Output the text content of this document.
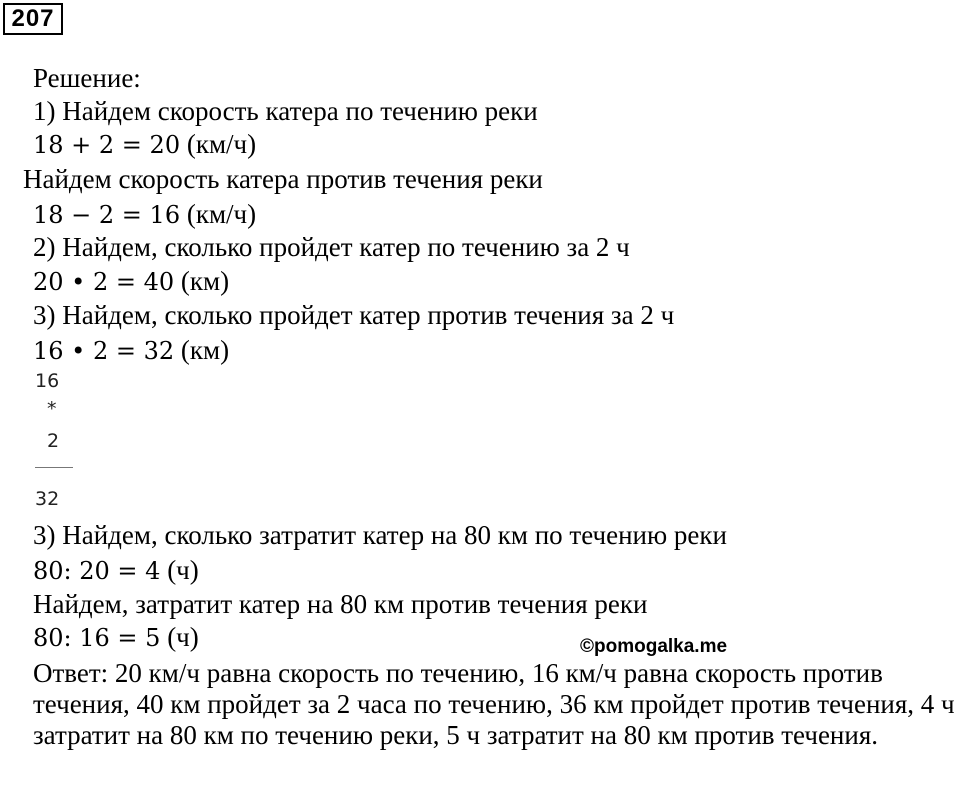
207
Решение:
1) Найдем скорость катера по течению реки
18 + 2 = 20 (км/ч)
Найдем скорость катера против течения реки
18 − 2 = 16 (км/ч)
2) Найдем, сколько пройдет катер по течению за 2 ч
20 • 2 = 40 (км)
3) Найдем, сколько пройдет катер против течения за 2 ч
16 • 2 = 32 (км)
16
*
2
32
3) Найдем, сколько затратит катер на 80 км по течению реки
80: 20 = 4 (ч)
Найдем, затратит катер на 80 км против течения реки
80: 16 = 5 (ч)	©pomogalka.me
Ответ: 20 км/ч равна скорость по течению, 16 км/ч равна скорость против течения, 40 км пройдет за 2 часа по течению, 36 км пройдет против течения, 4 ч затратит на 80 км по течению реки, 5 ч затратит на 80 км против течения.
